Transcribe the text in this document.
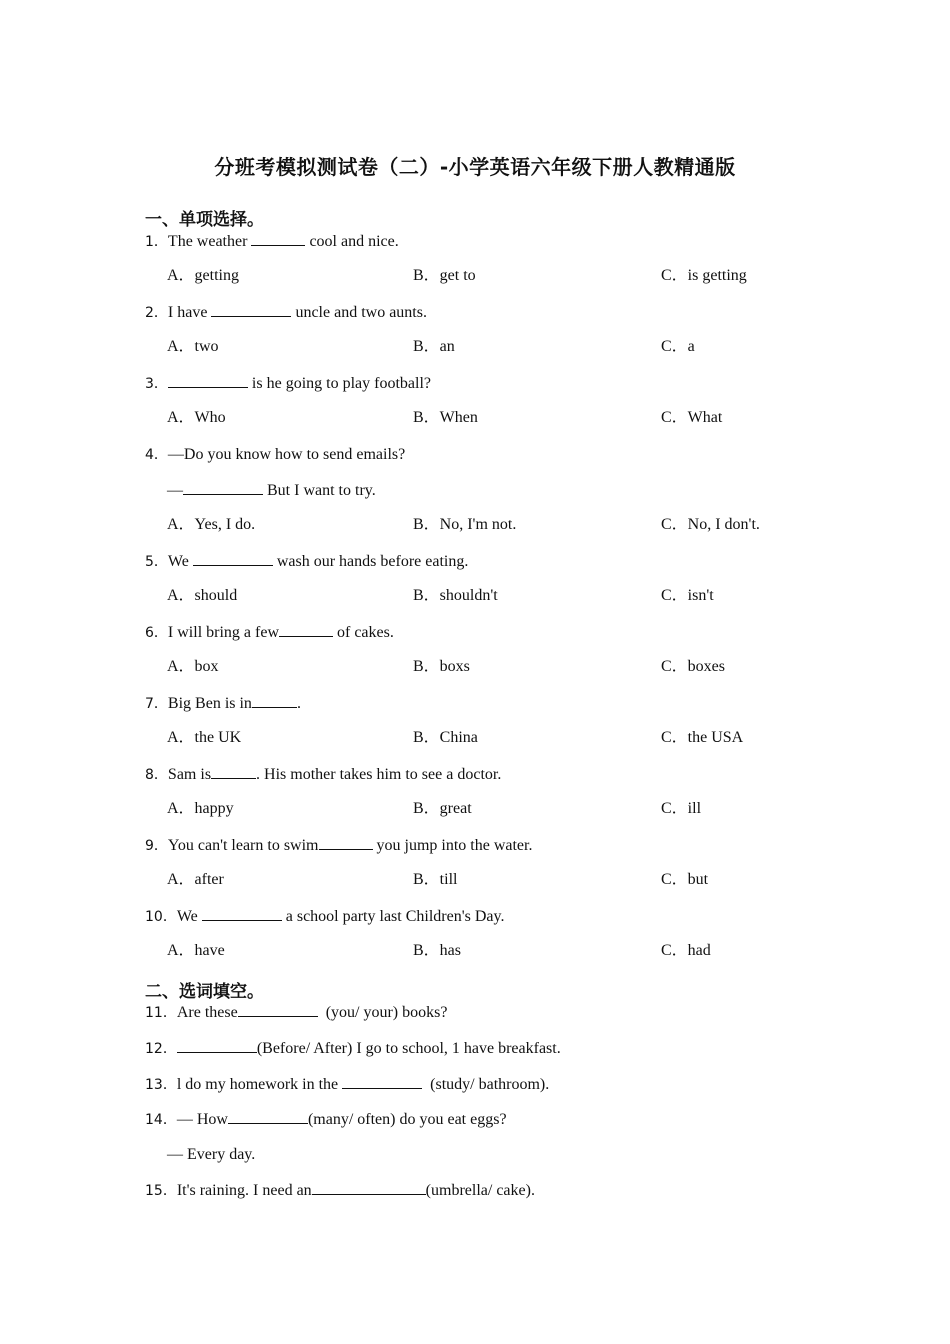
分班考模拟测试卷（二）-小学英语六年级下册人教精通版
一、单项选择。
1．The weather	cool and nice.
A．getting	B．get to	C．is getting
2．I have	uncle and two aunts.
A．two	B．an	C．a
3．	is he going to play football?
A．Who	B．When	C．What
4．—Do you know how to send emails?
—	But I want to try.
A．Yes, I do.	B．No, I'm not.	C．No, I don't.
5．We	wash our hands before eating.
A．should	B．shouldn't	C．isn't
6．I will bring a few	of cakes.
A．box	B．boxs	C．boxes
7．Big Ben is in	.
A．the UK	B．China	C．the USA
8．Sam is	. His mother takes him to see a doctor.
A．happy	B．great	C．ill
9．You can't learn to swim	you jump into the water.
A．after	B．till	C．but
10．We	a school party last Children's Day.
A．have	B．has	C．had
二、选词填空。
11．Are these	(you/ your) books?
12．	(Before/ After) I go to school, 1 have breakfast.
13．l do my homework in the	(study/ bathroom).
14．— How	(many/ often) do you eat eggs?
— Every day.
15．It's raining. I need an	(umbrella/ cake).
